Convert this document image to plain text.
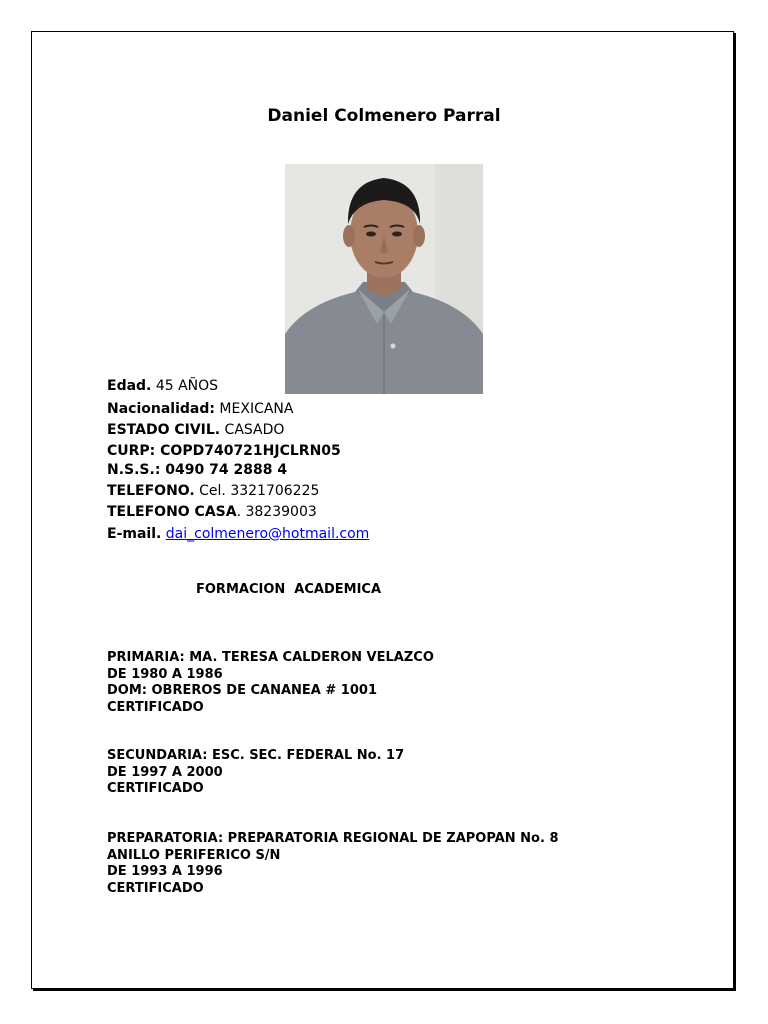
Daniel Colmenero Parral
Edad. 45 AÑOS
Nacionalidad: MEXICANA
ESTADO CIVIL. CASADO
CURP: COPD740721HJCLRN05
N.S.S.: 0490 74 2888 4
TELEFONO. Cel. 3321706225
TELEFONO CASA. 38239003
E-mail. dai_colmenero@hotmail.com
FORMACION  ACADEMICA
PRIMARIA: MA. TERESA CALDERON VELAZCO
DE 1980 A 1986
DOM: OBREROS DE CANANEA # 1001
CERTIFICADO
SECUNDARIA: ESC. SEC. FEDERAL No. 17
DE 1997 A 2000
CERTIFICADO
PREPARATORIA: PREPARATORIA REGIONAL DE ZAPOPAN No. 8
ANILLO PERIFERICO S/N
DE 1993 A 1996
CERTIFICADO
